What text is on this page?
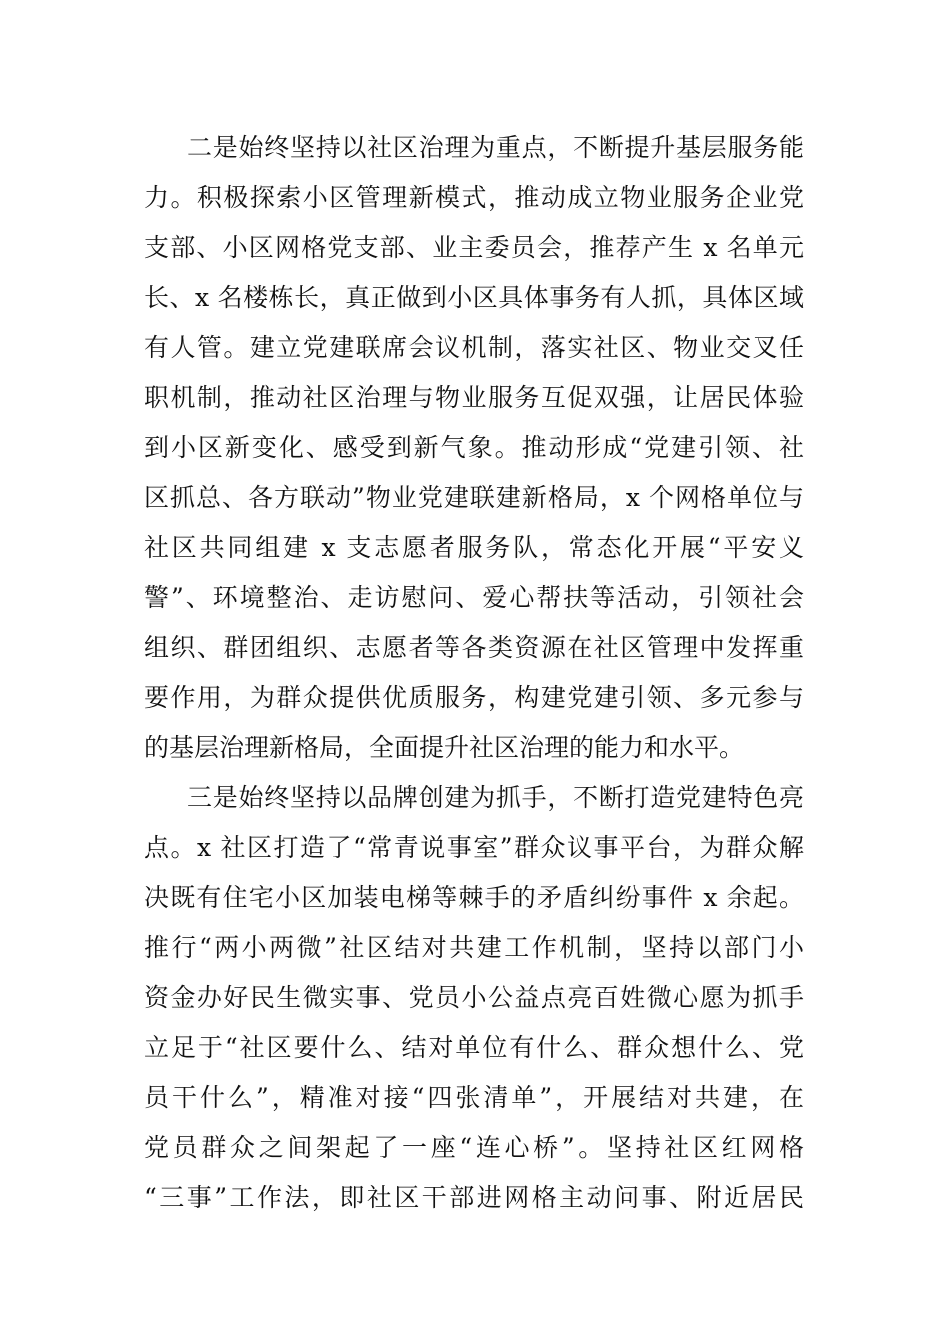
二是始终坚持以社区治理为重点，不断提升基层服务能
力。积极探索小区管理新模式，推动成立物业服务企业党
支部、小区网格党支部、业主委员会，推荐产生 x 名单元
长、x 名楼栋长，真正做到小区具体事务有人抓，具体区域
有人管。建立党建联席会议机制，落实社区、物业交叉任
职机制，推动社区治理与物业服务互促双强，让居民体验
到小区新变化、感受到新气象。推动形成“党建引领、社
区抓总、各方联动”物业党建联建新格局，x 个网格单位与
社区共同组建 x 支志愿者服务队，常态化开展“平安义
警”、环境整治、走访慰问、爱心帮扶等活动，引领社会
组织、群团组织、志愿者等各类资源在社区管理中发挥重
要作用，为群众提供优质服务，构建党建引领、多元参与
的基层治理新格局，全面提升社区治理的能力和水平。
三是始终坚持以品牌创建为抓手，不断打造党建特色亮
点。x 社区打造了“常青说事室”群众议事平台，为群众解
决既有住宅小区加装电梯等棘手的矛盾纠纷事件 x 余起。
推行“两小两微”社区结对共建工作机制，坚持以部门小
资金办好民生微实事、党员小公益点亮百姓微心愿为抓手
立足于“社区要什么、结对单位有什么、群众想什么、党
员干什么”，精准对接“四张清单”，开展结对共建，在
党员群众之间架起了一座“连心桥”。坚持社区红网格
“三事”工作法，即社区干部进网格主动问事、附近居民
